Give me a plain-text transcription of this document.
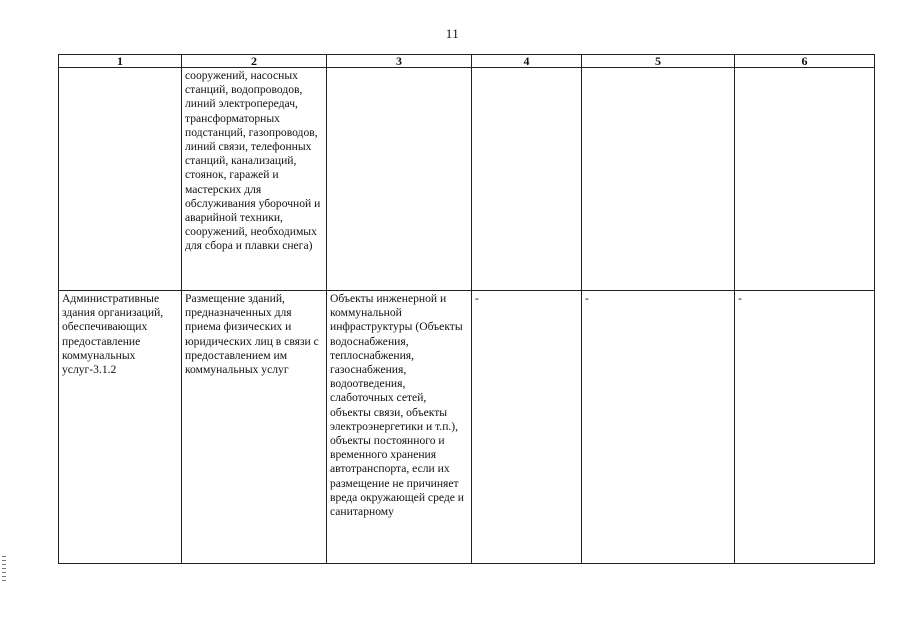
11
1	2	3	4	5	6
	сооружений, насосных станций, водопроводов, линий электропередач, трансформаторных подстанций, газопроводов, линий связи, телефонных станций, канализаций, стоянок, гаражей и мастерских для обслуживания уборочной и аварийной техники, сооружений, необходимых для сбора и плавки снега)				
Административные здания организаций, обеспечивающих предоставление коммунальных услуг-3.1.2	Размещение зданий, предназначенных для приема физических и юридических лиц в связи с предоставлением им коммунальных услуг	Объекты инженерной и коммунальной инфраструктуры (Объекты водоснабжения, теплоснабжения, газоснабжения, водоотведения, слаботочных сетей, объекты связи, объекты электроэнергетики и т.п.), объекты постоянного и временного хранения автотранспорта, если их размещение не причиняет вреда окружающей среде и санитарному	-	-	-
